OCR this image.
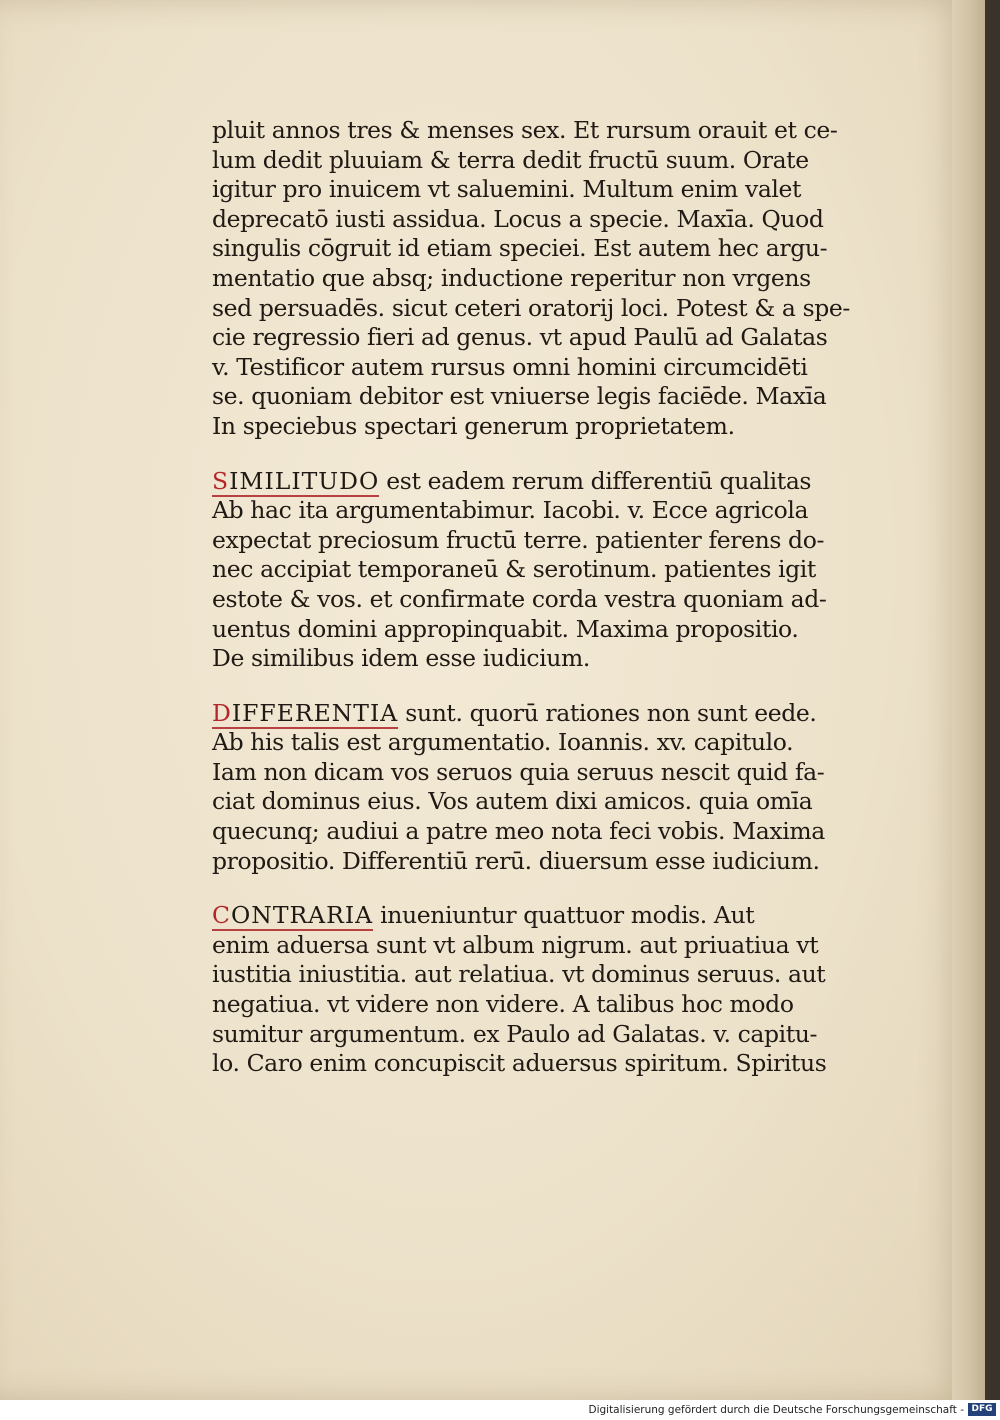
pluit annos tres & menses sex. Et rursum orauit et ce-
lum dedit pluuiam & terra dedit fructū suum. Orate
igitur pro inuicem vt saluemini. Multum enim valet
deprecatō iusti assidua. Locus a specie. Maxīa. Quod
singulis cōgruit id etiam speciei. Est autem hec argu-
mentatio que absq; inductione reperitur non vrgens
sed persuadēs. sicut ceteri oratorij loci. Potest & a spe-
cie regressio fieri ad genus. vt apud Paulū ad Galatas
v. Testificor autem rursus omni homini circumcidēti
se. quoniam debitor est vniuerse legis faciēde. Maxīa
In speciebus spectari generum proprietatem.
SIMILITUDO est eadem rerum differentiū qualitas
Ab hac ita argumentabimur. Iacobi. v. Ecce agricola
expectat preciosum fructū terre. patienter ferens do-
nec accipiat temporaneū & serotinum. patientes igit
estote & vos. et confirmate corda vestra quoniam ad-
uentus domini appropinquabit. Maxima propositio.
De similibus idem esse iudicium.
DIFFERENTIA sunt. quorū rationes non sunt eede.
Ab his talis est argumentatio. Ioannis. xv. capitulo.
Iam non dicam vos seruos quia seruus nescit quid fa-
ciat dominus eius. Vos autem dixi amicos. quia omīa
quecunq; audiui a patre meo nota feci vobis. Maxima
propositio. Differentiū rerū. diuersum esse iudicium.
CONTRARIA inueniuntur quattuor modis. Aut
enim aduersa sunt vt album nigrum. aut priuatiua vt
iustitia iniustitia. aut relatiua. vt dominus seruus. aut
negatiua. vt videre non videre. A talibus hoc modo
sumitur argumentum. ex Paulo ad Galatas. v. capitu-
lo. Caro enim concupiscit aduersus spiritum. Spiritus
Digitalisierung gefördert durch die Deutsche Forschungsgemeinschaft - DFG
